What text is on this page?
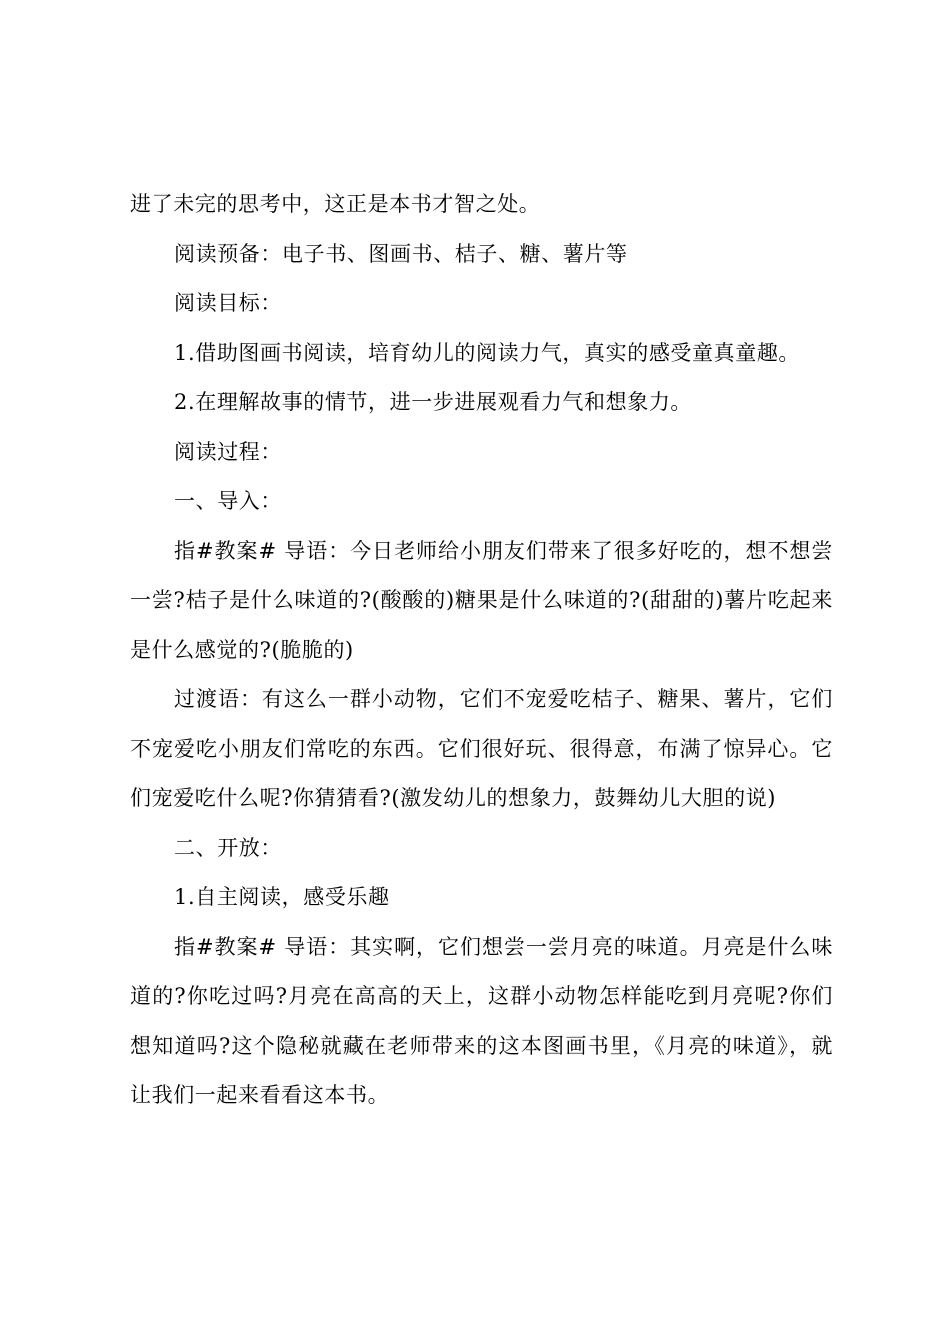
进了未完的思考中，这正是本书才智之处。

阅读预备：电子书、图画书、桔子、糖、薯片等

阅读目标：

1.借助图画书阅读，培育幼儿的阅读力气，真实的感受童真童趣。

2.在理解故事的情节，进一步进展观看力气和想象力。

阅读过程：

一、导入：

指#教案# 导语：今日老师给小朋友们带来了很多好吃的，想不想尝一尝?桔子是什么味道的?(酸酸的)糖果是什么味道的?(甜甜的)薯片吃起来是什么感觉的?(脆脆的)

过渡语：有这么一群小动物，它们不宠爱吃桔子、糖果、薯片，它们不宠爱吃小朋友们常吃的东西。它们很好玩、很得意，布满了惊异心。它们宠爱吃什么呢?你猜猜看?(激发幼儿的想象力，鼓舞幼儿大胆的说)

二、开放：

1.自主阅读，感受乐趣

指#教案# 导语：其实啊，它们想尝一尝月亮的味道。月亮是什么味道的?你吃过吗?月亮在高高的天上，这群小动物怎样能吃到月亮呢?你们想知道吗?这个隐秘就藏在老师带来的这本图画书里，《月亮的味道》，就让我们一起来看看这本书。
